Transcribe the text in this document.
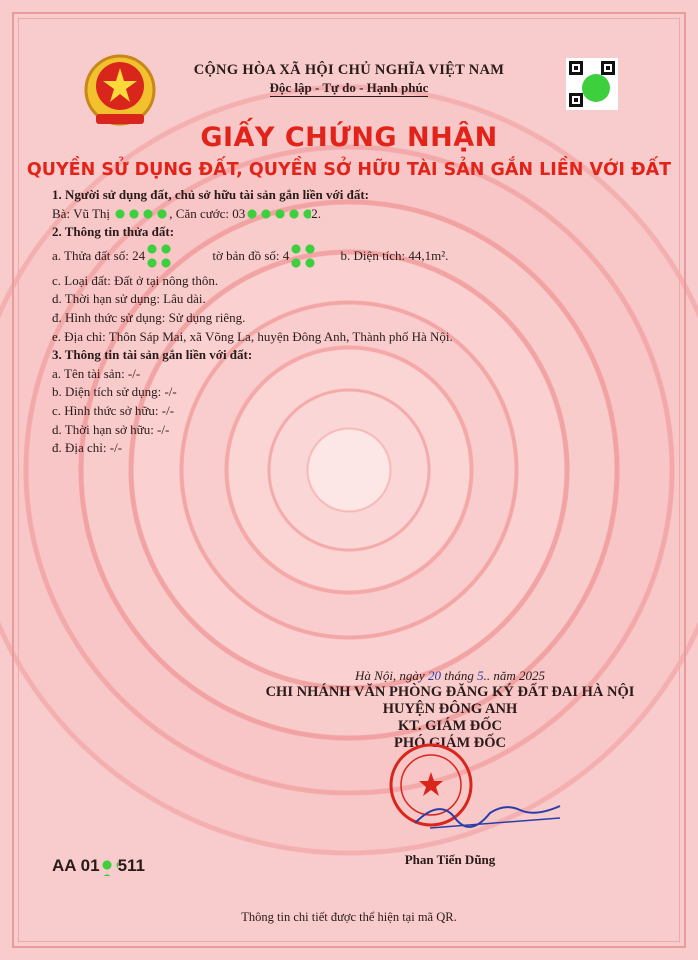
CỘNG HÒA XÃ HỘI CHỦ NGHĨA VIỆT NAM
Độc lập - Tự do - Hạnh phúc
GIẤY CHỨNG NHẬN
QUYỀN SỬ DỤNG ĐẤT, QUYỀN SỞ HỮU TÀI SẢN GẮN LIỀN VỚI ĐẤT
1. Người sử dụng đất, chủ sở hữu tài sản gắn liền với đất:
Bà: Vũ Thị	, Căn cước: 03	2.
2. Thông tin thửa đất:
a. Thửa đất số: 24	tờ bản đồ số: 4	b. Diện tích: 44,1m².
c. Loại đất: Đất ở tại nông thôn.
d. Thời hạn sử dụng: Lâu dài.
đ. Hình thức sử dụng: Sử dụng riêng.
e. Địa chỉ: Thôn Sáp Mai, xã Võng La, huyện Đông Anh, Thành phố Hà Nội.
3. Thông tin tài sản gắn liền với đất:
a. Tên tài sản: -/-
b. Diện tích sử dụng: -/-
c. Hình thức sở hữu: -/-
d. Thời hạn sở hữu: -/-
đ. Địa chỉ: -/-
Hà Nội, ngày 20 tháng 5.. năm 2025
CHI NHÁNH VĂN PHÒNG ĐĂNG KÝ ĐẤT ĐAI HÀ NỘI
HUYỆN ĐÔNG ANH
KT. GIÁM ĐỐC
PHÓ GIÁM ĐỐC
Phan Tiến Dũng
AA 01 511
Thông tin chi tiết được thể hiện tại mã QR.
